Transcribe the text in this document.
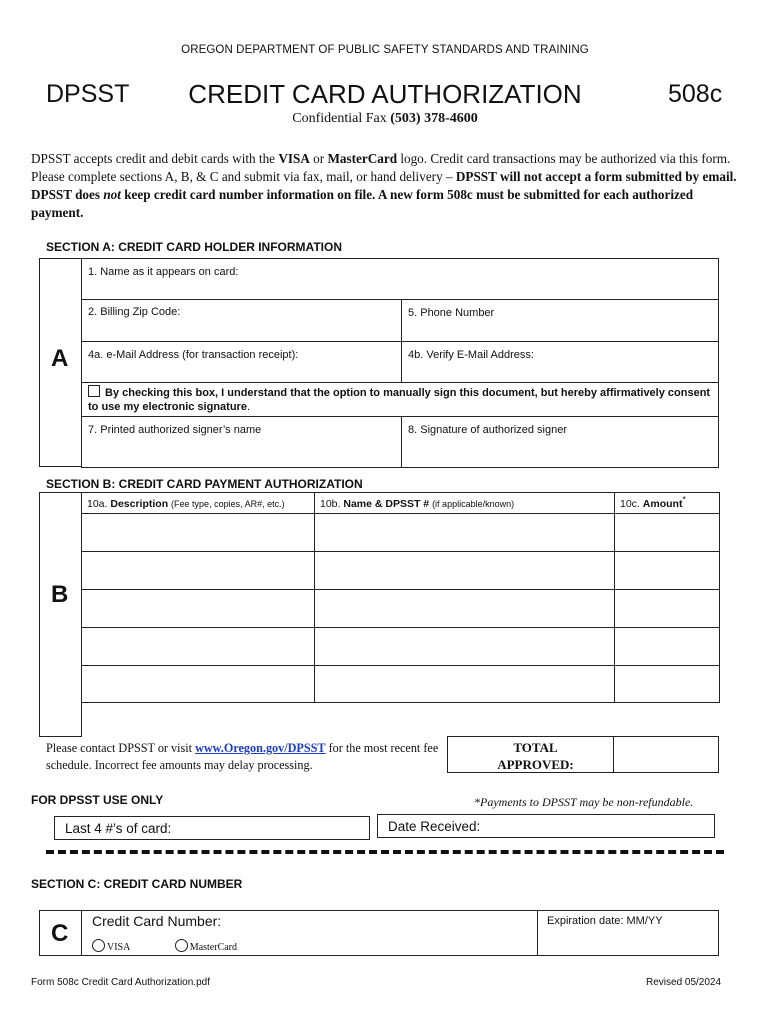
OREGON DEPARTMENT OF PUBLIC SAFETY STANDARDS AND TRAINING
DPSST	CREDIT CARD AUTHORIZATION	508c
Confidential Fax (503) 378-4600
DPSST accepts credit and debit cards with the VISA or MasterCard logo. Credit card transactions may be authorized via this form. Please complete sections A, B, & C and submit via fax, mail, or hand delivery – DPSST will not accept a form submitted by email. DPSST does not keep credit card number information on file. A new form 508c must be submitted for each authorized payment.
SECTION A: CREDIT CARD HOLDER INFORMATION
A
1. Name as it appears on card:	

2. Billing Zip Code:	5. Phone Number
4a. e-Mail Address (for transaction receipt):	4b. Verify E-Mail Address:

By checking this box, I understand that the option to manually sign this document, but hereby affirmatively consent to use my electronic signature.	

7. Printed authorized signer’s name	8. Signature of authorized signer
SECTION B: CREDIT CARD PAYMENT AUTHORIZATION
B
10a. Description (Fee type, copies, AR#, etc.)	10b. Name & DPSST # (if applicable/known)	10c. Amount*

Please contact DPSST or visit www.Oregon.gov/DPSST for the most recent fee schedule. Incorrect fee amounts may delay processing.
TOTAL
APPROVED:
FOR DPSST USE ONLY	*Payments to DPSST may be non-refundable.
Last 4 #’s of card:	Date Received:
SECTION C: CREDIT CARD NUMBER
C Credit Card Number:
VISA	MasterCard
Expiration date: MM/YY
Form 508c Credit Card Authorization.pdf	Revised 05/2024
